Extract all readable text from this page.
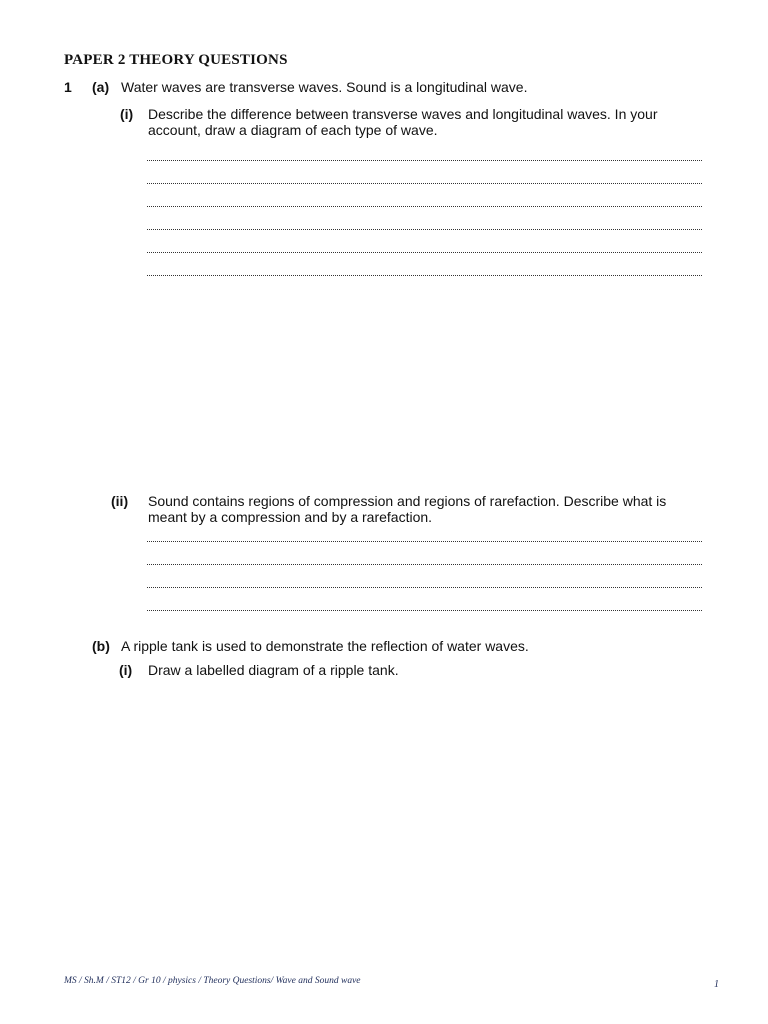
PAPER 2 THEORY QUESTIONS
1 (a) Water waves are transverse waves. Sound is a longitudinal wave.
(i) Describe the difference between transverse waves and longitudinal waves. In your account, draw a diagram of each type of wave.
(ii) Sound contains regions of compression and regions of rarefaction. Describe what is meant by a compression and by a rarefaction.
(b) A ripple tank is used to demonstrate the reflection of water waves.
(i) Draw a labelled diagram of a ripple tank.
MS / Sh.M / ST12 / Gr 10 / physics / Theory Questions/ Wave and Sound wave	1
